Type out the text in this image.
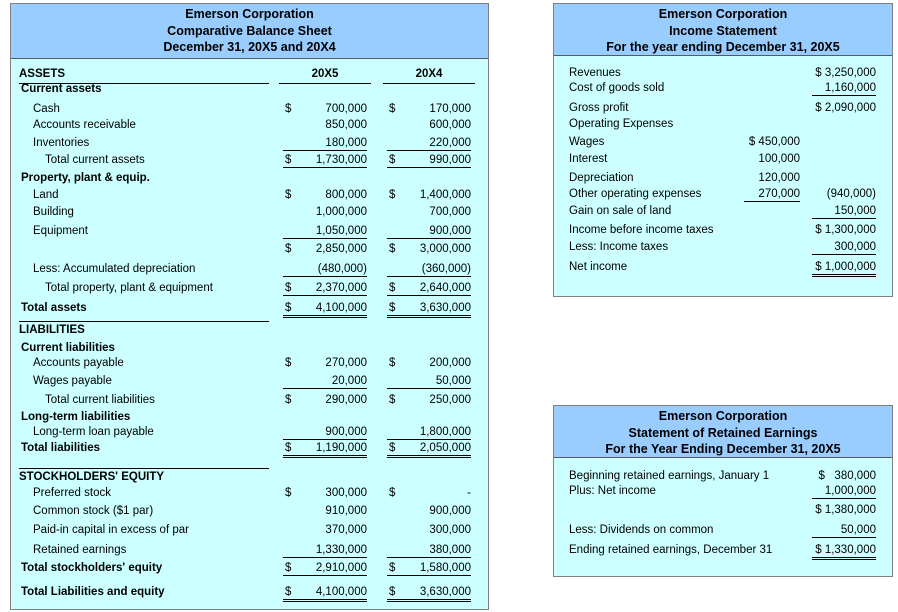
Emerson Corporation
Comparative Balance Sheet
December 31, 20X5 and 20X4
ASSETS	20X5	20X4
Current assets
Cash	$	700,000 $	170,000
Accounts receivable	850,000	600,000
Inventories	180,000	220,000
Total current assets	$	1,730,000 $	990,000
Property, plant & equip.
Land	$	800,000 $	1,400,000
Building	1,000,000	700,000
Equipment	1,050,000	900,000
$	2,850,000 $	3,000,000
Less: Accumulated depreciation	(480,000)	(360,000)
Total property, plant & equipment	$	2,370,000 $	2,640,000
Total assets	$	4,100,000 $	3,630,000
LIABILITIES
Current liabilities
Accounts payable	$	270,000 $	200,000
Wages payable	20,000	50,000
Total current liabilities	$	290,000 $	250,000
Long-term liabilities
Long-term loan payable	900,000	1,800,000
Total liabilities	$	1,190,000 $	2,050,000
STOCKHOLDERS' EQUITY
Preferred stock	$	300,000 $	-
Common stock ($1 par)	910,000	900,000
Paid-in capital in excess of par	370,000	300,000
Retained earnings	1,330,000	380,000
Total stockholders' equity	$	2,910,000 $	1,580,000
Total Liabilities and equity	$	4,100,000 $	3,630,000
Emerson Corporation
Income Statement
For the year ending December 31, 20X5
Revenues	$ 3,250,000
Cost of goods sold	1,160,000
Gross profit	$ 2,090,000
Operating Expenses
Wages	$ 450,000
Interest	100,000
Depreciation	120,000
Other operating expenses	270,000	(940,000)
Gain on sale of land	150,000
Income before income taxes	$ 1,300,000
Less: Income taxes	300,000
Net income	$ 1,000,000
Emerson Corporation
Statement of Retained Earnings
For the Year Ending December 31, 20X5
Beginning retained earnings, January 1	$   380,000
Plus: Net income	1,000,000
$ 1,380,000
Less: Dividends on common	50,000
Ending retained earnings, December 31	$ 1,330,000
